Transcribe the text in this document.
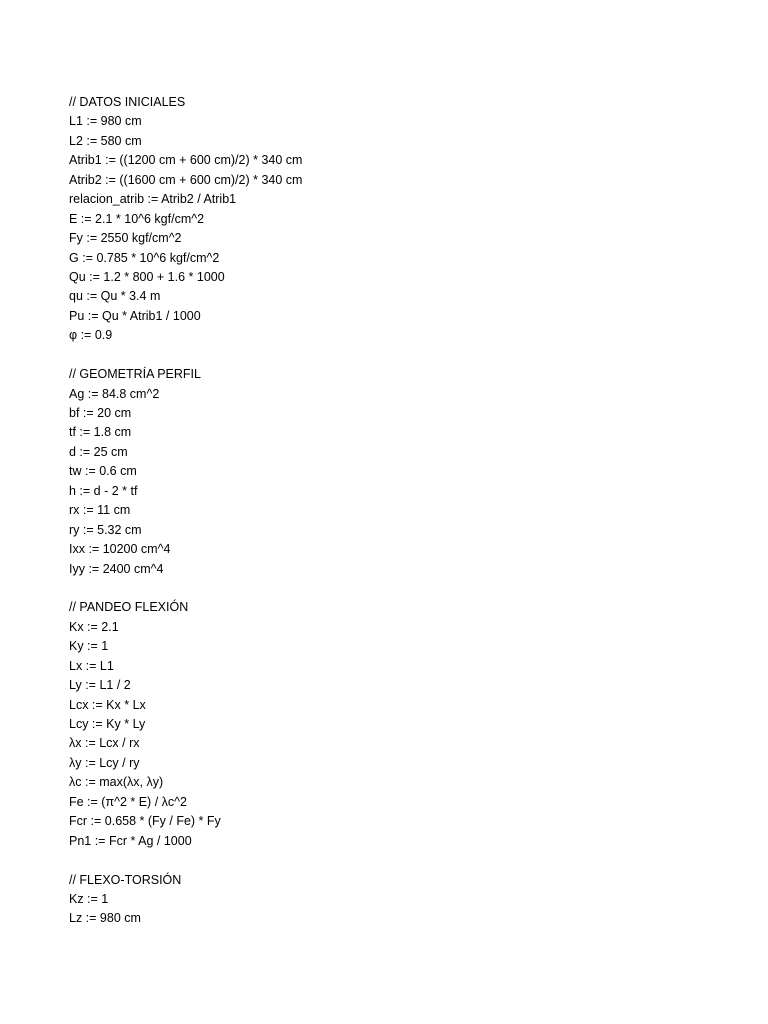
// DATOS INICIALES
L1 := 980 cm
L2 := 580 cm
Atrib1 := ((1200 cm + 600 cm)/2) * 340 cm
Atrib2 := ((1600 cm + 600 cm)/2) * 340 cm
relacion_atrib := Atrib2 / Atrib1
E := 2.1 * 10^6 kgf/cm^2
Fy := 2550 kgf/cm^2
G := 0.785 * 10^6 kgf/cm^2
Qu := 1.2 * 800 + 1.6 * 1000
qu := Qu * 3.4 m
Pu := Qu * Atrib1 / 1000
φ := 0.9
// GEOMETRÍA PERFIL
Ag := 84.8 cm^2
bf := 20 cm
tf := 1.8 cm
d := 25 cm
tw := 0.6 cm
h := d - 2 * tf
rx := 11 cm
ry := 5.32 cm
Ixx := 10200 cm^4
Iyy := 2400 cm^4
// PANDEO FLEXIÓN
Kx := 2.1
Ky := 1
Lx := L1
Ly := L1 / 2
Lcx := Kx * Lx
Lcy := Ky * Ly
λx := Lcx / rx
λy := Lcy / ry
λc := max(λx, λy)
Fe := (π^2 * E) / λc^2
Fcr := 0.658 * (Fy / Fe) * Fy
Pn1 := Fcr * Ag / 1000
// FLEXO-TORSIÓN
Kz := 1
Lz := 980 cm
